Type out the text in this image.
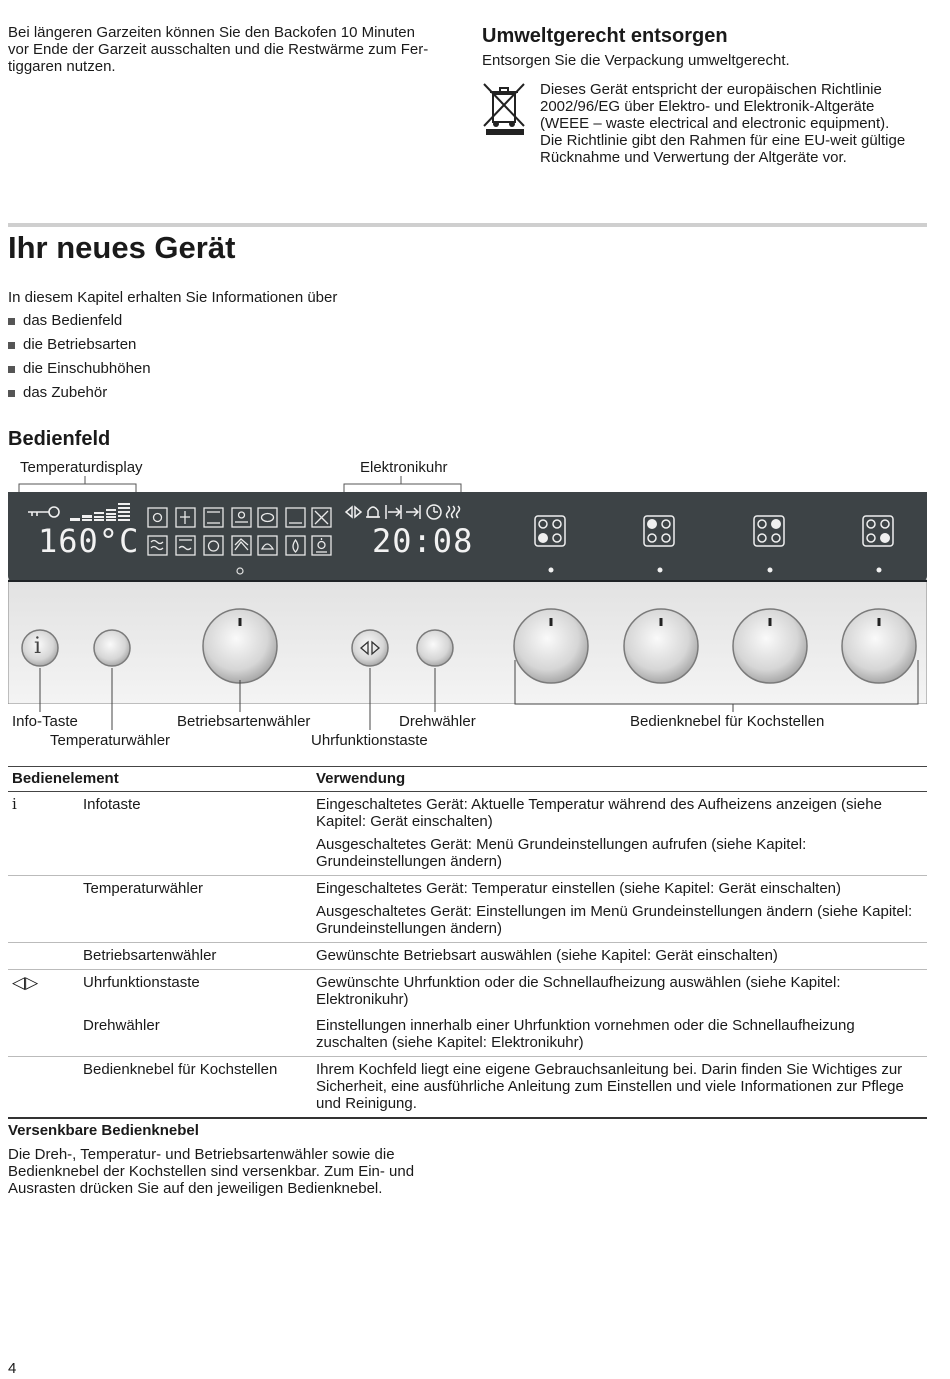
Bei längeren Garzeiten können Sie den Backofen 10 Minuten

vor Ende der Garzeit ausschalten und die Restwärme zum Fer-

tiggaren nutzen.

Umweltgerecht entsorgen

Entsorgen Sie die Verpackung umweltgerecht.

Dieses Gerät entspricht der europäischen Richtlinie

2002/96/EG über Elektro- und Elektronik-Altgeräte

(WEEE – waste electrical and electronic equipment).

Die Richtlinie gibt den Rahmen für eine EU-weit gültige

Rücknahme und Verwertung der Altgeräte vor.

Ihr neues Gerät

In diesem Kapitel erhalten Sie Informationen über

das Bedienfeld
die Betriebsarten
die Einschubhöhen
das Zubehör
Bedienfeld
Temperaturdisplay	Elektronikuhr
160°C	20:08
i
Info-Taste
Temperaturwähler
Betriebsartenwähler
Uhrfunktionstaste
Drehwähler	Bedienknebel für Kochstellen
Bedienelement		Verwendung
i	Infotaste	Eingeschaltetes Gerät: Aktuelle Temperatur während des Aufheizens anzeigen (siehe Kapitel: Gerät einschalten)

Ausgeschaltetes Gerät: Menü Grundeinstellungen aufrufen (siehe Kapitel: Grundeinstellungen ändern)

	Temperaturwähler	Eingeschaltetes Gerät: Temperatur einstellen (siehe Kapitel: Gerät einschalten)

Ausgeschaltetes Gerät: Einstellungen im Menü Grundeinstellungen ändern (siehe Kapitel: Grundeinstellungen ändern)

	Betriebsartenwähler	Gewünschte Betriebsart auswählen (siehe Kapitel: Gerät einschalten)

◁▷	Uhrfunktionstaste	Gewünschte Uhrfunktion oder die Schnellaufheizung auswählen (siehe Kapitel: Elektronikuhr)

	Drehwähler	Einstellungen innerhalb einer Uhrfunktion vornehmen oder die Schnellaufheizung zuschalten (siehe Kapitel: Elektronikuhr)

	Bedienknebel für Kochstellen	Ihrem Kochfeld liegt eine eigene Gebrauchsanleitung bei. Darin finden Sie Wichtiges zur Sicherheit, eine ausführliche Anleitung zum Einstellen und viele Informationen zur Pflege und Reinigung.

Versenkbare Bedienknebel

Die Dreh-, Temperatur- und Betriebsartenwähler sowie die

Bedienknebel der Kochstellen sind versenkbar. Zum Ein- und

Ausrasten drücken Sie auf den jeweiligen Bedienknebel.

4
